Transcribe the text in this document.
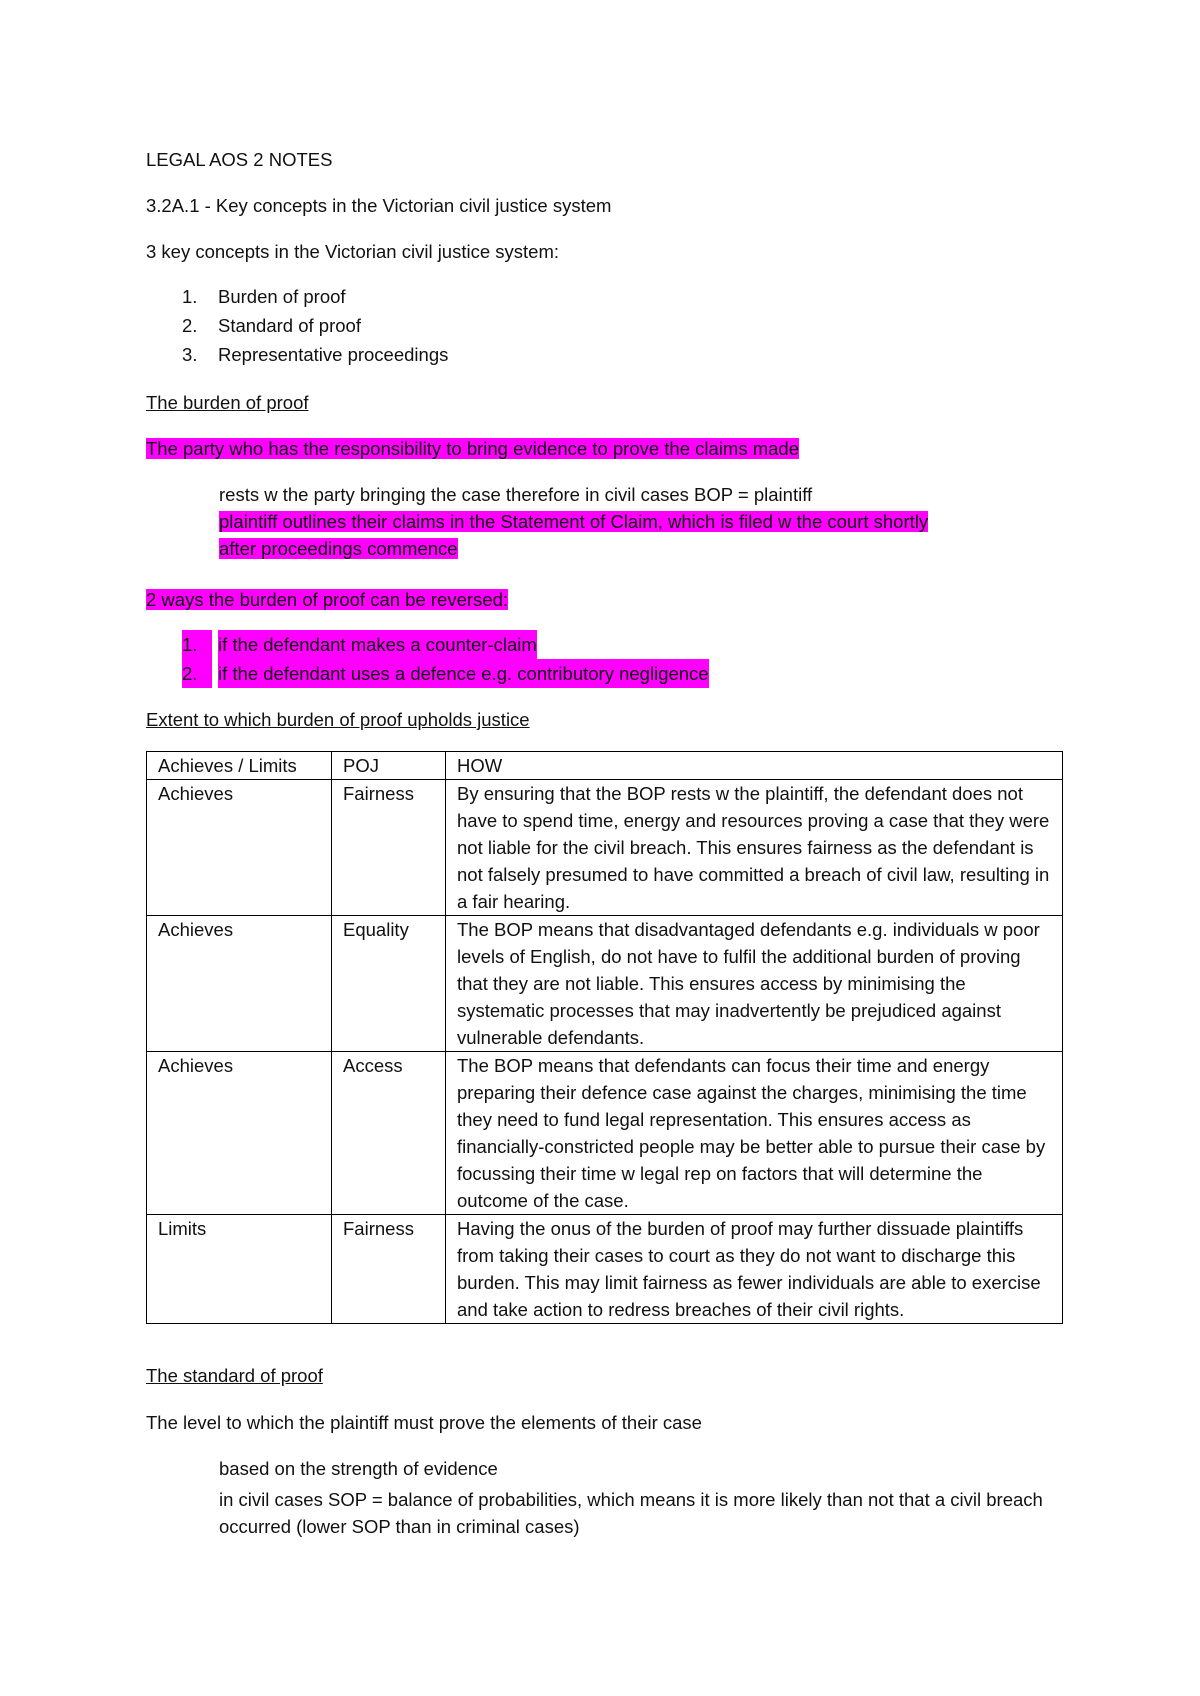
LEGAL AOS 2 NOTES

3.2A.1 - Key concepts in the Victorian civil justice system

3 key concepts in the Victorian civil justice system:

1.	Burden of proof
2.	Standard of proof
3.	Representative proceedings

The burden of proof

The party who has the responsibility to bring evidence to prove the claims made

rests w the party bringing the case therefore in civil cases BOP = plaintiff

plaintiff outlines their claims in the Statement of Claim, which is filed w the court shortly

after proceedings commence

2 ways the burden of proof can be reversed:

1.	if the defendant makes a counter-claim
2.	if the defendant uses a defence e.g. contributory negligence

Extent to which burden of proof upholds justice

Achieves / Limits	POJ	HOW
Achieves	Fairness	By ensuring that the BOP rests w the plaintiff, the defendant does not have to spend time, energy and resources proving a case that they were not liable for the civil breach. This ensures fairness as the defendant is not falsely presumed to have committed a breach of civil law, resulting in a fair hearing.
Achieves	Equality	The BOP means that disadvantaged defendants e.g. individuals w poor levels of English, do not have to fulfil the additional burden of proving that they are not liable. This ensures access by minimising the systematic processes that may inadvertently be prejudiced against vulnerable defendants.
Achieves	Access	The BOP means that defendants can focus their time and energy preparing their defence case against the charges, minimising the time they need to fund legal representation. This ensures access as financially-constricted people may be better able to pursue their case by focussing their time w legal rep on factors that will determine the outcome of the case.
Limits	Fairness	Having the onus of the burden of proof may further dissuade plaintiffs from taking their cases to court as they do not want to discharge this burden. This may limit fairness as fewer individuals are able to exercise and take action to redress breaches of their civil rights.

The standard of proof

The level to which the plaintiff must prove the elements of their case

based on the strength of evidence

in civil cases SOP = balance of probabilities, which means it is more likely than not that a civil breach occurred (lower SOP than in criminal cases)
